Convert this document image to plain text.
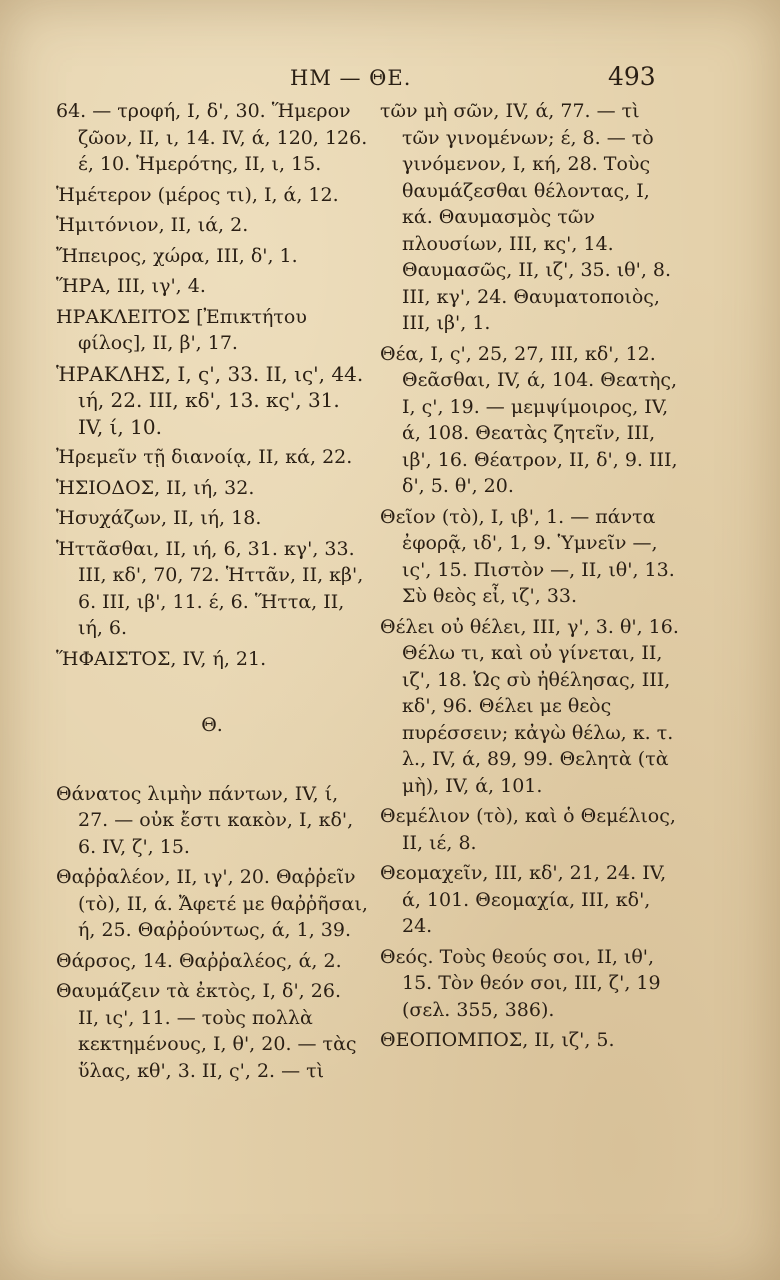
ΗΜ — ΘΕ.	493

64. — τροφή, I, δ', 30. Ἥμερον ζῶον, II, ι, 14. IV, ά, 120, 126. έ, 10. Ἡμερότης, II, ι, 15.

Ἡμέτερον (μέρος τι), I, ά, 12.

Ἡμιτόνιον, II, ιά, 2.

Ἤπειρος, χώρα, III, δ', 1.

ἭΡΑ, III, ιγ', 4.

ΗΡΑΚΛΕΙΤΟΣ [Ἐπικτήτου φίλος], II, β', 17.

ἩΡΑΚΛΗΣ, I, ς', 33. II, ις', 44. ιή, 22. III, κδ', 13. κς', 31. IV, ί, 10.

Ἠρεμεῖν τῇ διανοίᾳ, II, κά, 22.

ἩΣΙΟΔΟΣ, II, ιή, 32.

Ἡσυχάζων, II, ιή, 18.

Ἡττᾶσθαι, II, ιή, 6, 31. κγ', 33. III, κδ', 70, 72. Ἡττᾶν, II, κβ', 6. III, ιβ', 11. έ, 6. Ἥττα, II, ιή, 6.

ἭΦΑΙΣΤΟΣ, IV, ή, 21.

Θ.

Θάνατος λιμὴν πάντων, IV, ί, 27. — οὐκ ἔστι κακὸν, I, κδ', 6. IV, ζ', 15.

Θαῤῥαλέον, II, ιγ', 20. Θαῤῥεῖν (τὸ), II, ά. Ἄφετέ με θαῤῥῆσαι, ή, 25. Θαῤῥούντως, ά, 1, 39.

Θάρσος, 14. Θαῤῥαλέος, ά, 2.

Θαυμάζειν τὰ ἐκτὸς, I, δ', 26. II, ις', 11. — τοὺς πολλὰ κεκτημένους, I, θ', 20. — τὰς ὕλας, κθ', 3. II, ς', 2. — τὶ

τῶν μὴ σῶν, IV, ά, 77. — τὶ τῶν γινομένων; έ, 8. — τὸ γινόμενον, I, κή, 28. Τοὺς θαυμάζεσθαι θέλοντας, I, κά. Θαυμασμὸς τῶν πλουσίων, III, κς', 14. Θαυμασῶς, II, ιζ', 35. ιθ', 8. III, κγ', 24. Θαυματοποιὸς, III, ιβ', 1.

Θέα, I, ς', 25, 27, III, κδ', 12. Θεᾶσθαι, IV, ά, 104. Θεατὴς, I, ς', 19. — μεμψίμοιρος, IV, ά, 108. Θεατὰς ζητεῖν, III, ιβ', 16. Θέατρον, II, δ', 9. III, δ', 5. θ', 20.

Θεῖον (τὸ), I, ιβ', 1. — πάντα ἐφορᾷ, ιδ', 1, 9. Ὑμνεῖν —, ις', 15. Πιστὸν —, II, ιθ', 13. Σὺ θεὸς εἶ, ιζ', 33.

Θέλει οὐ θέλει, III, γ', 3. θ', 16. Θέλω τι, καὶ οὐ γίνεται, II, ιζ', 18. Ὡς σὺ ἠθέλησας, III, κδ', 96. Θέλει με θεὸς πυρέσσειν; κἀγὼ θέλω, κ. τ. λ., IV, ά, 89, 99. Θελητὰ (τὰ μὴ), IV, ά, 101.

Θεμέλιον (τὸ), καὶ ὁ Θεμέλιος, II, ιέ, 8.

Θεομαχεῖν, III, κδ', 21, 24. IV, ά, 101. Θεομαχία, III, κδ', 24.

Θεός. Τοὺς θεούς σοι, II, ιθ', 15. Τὸν θεόν σοι, III, ζ', 19 (σελ. 355, 386).

ΘΕΟΠΟΜΠΟΣ, II, ιζ', 5.
